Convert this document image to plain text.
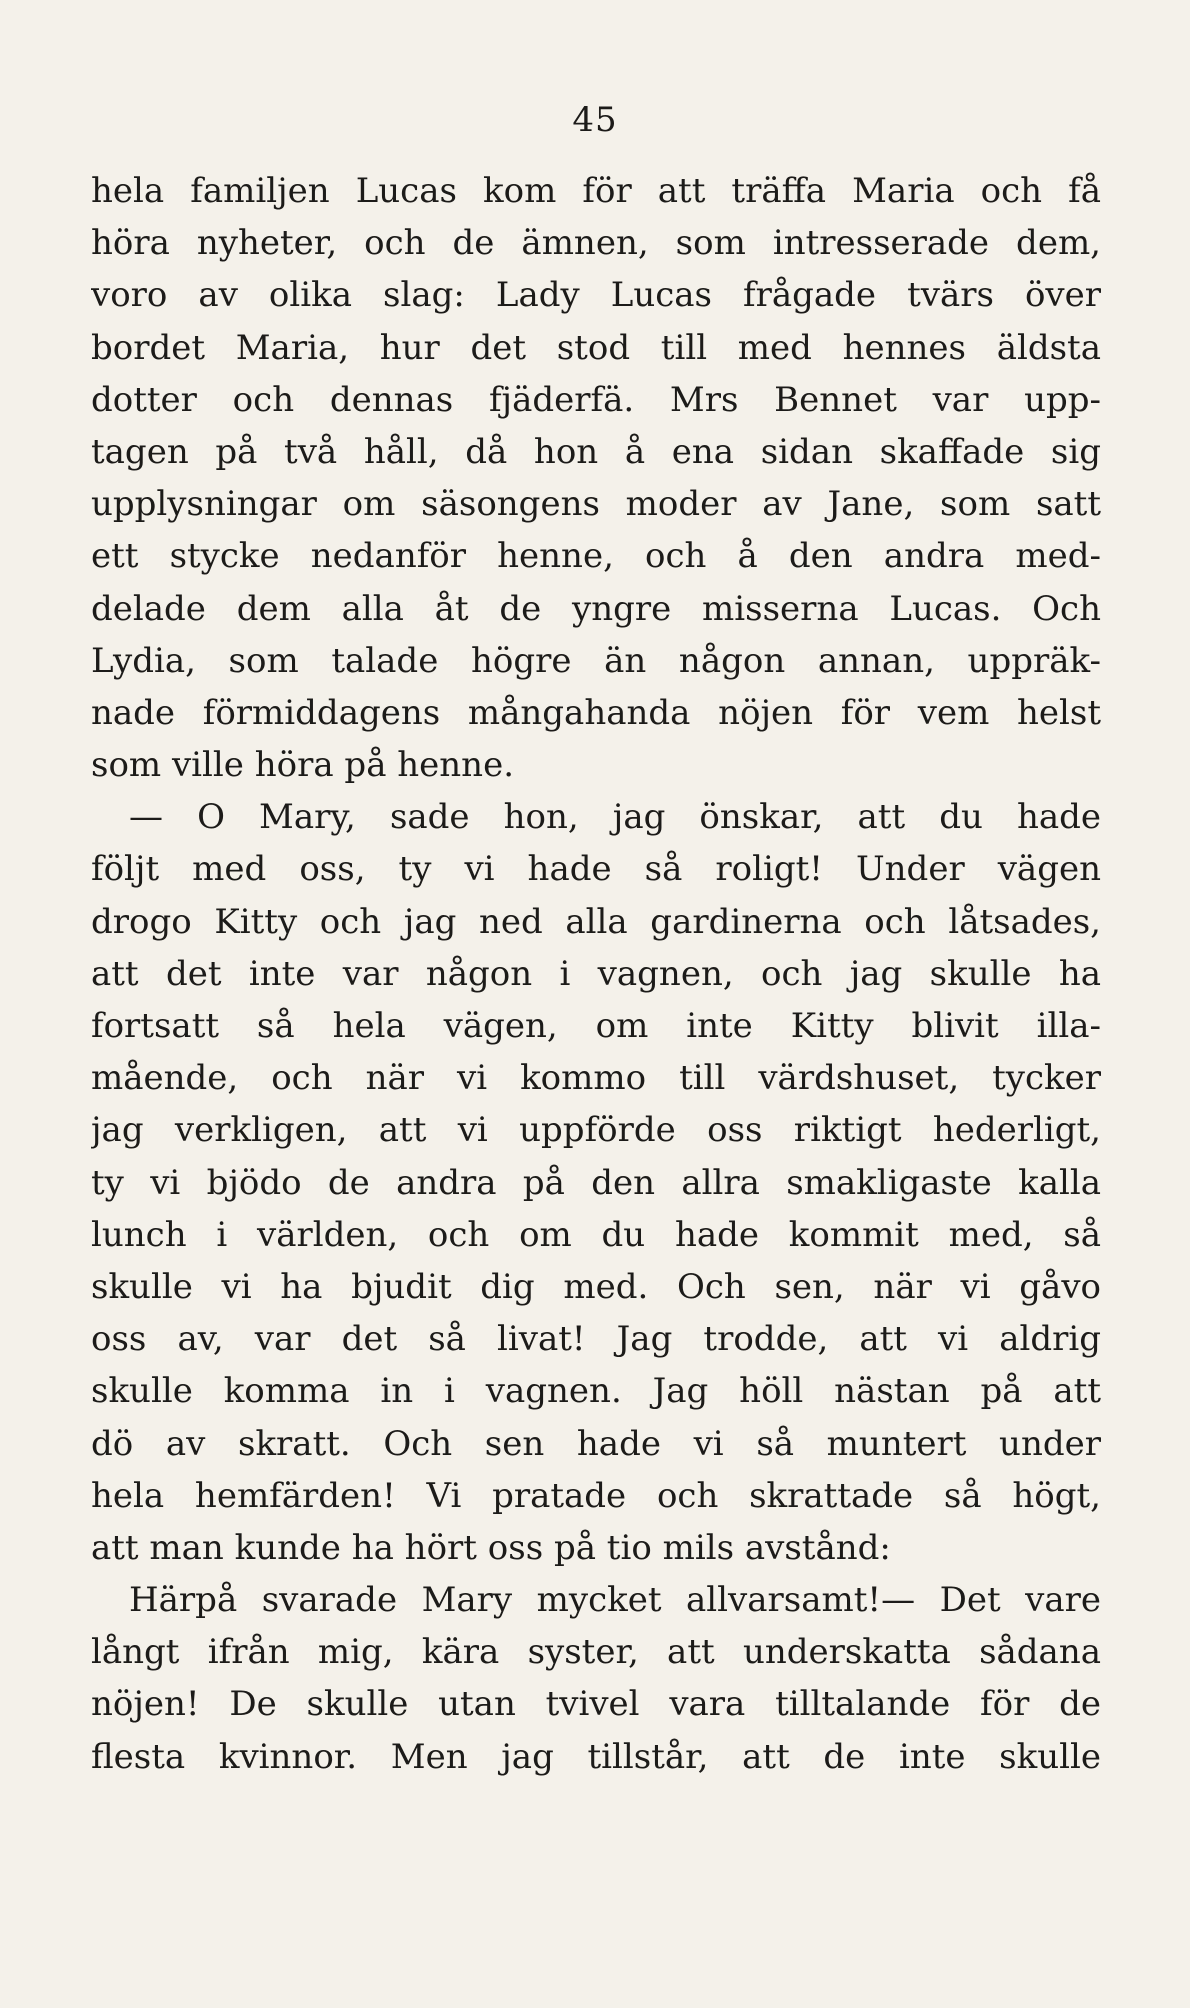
45
hela familjen Lucas kom för att träffa Maria och få
höra nyheter, och de ämnen, som intresserade dem,
voro av olika slag: Lady Lucas frågade tvärs över
bordet Maria, hur det stod till med hennes äldsta
dotter och dennas fjäderfä. Mrs Bennet var upp-
tagen på två håll, då hon å ena sidan skaffade sig
upplysningar om säsongens moder av Jane, som satt
ett stycke nedanför henne, och å den andra med-
delade dem alla åt de yngre misserna Lucas. Och
Lydia, som talade högre än någon annan, uppräk-
nade förmiddagens mångahanda nöjen för vem helst
som ville höra på henne.
— O Mary, sade hon, jag önskar, att du hade
följt med oss, ty vi hade så roligt! Under vägen
drogo Kitty och jag ned alla gardinerna och låtsades,
att det inte var någon i vagnen, och jag skulle ha
fortsatt så hela vägen, om inte Kitty blivit illa-
mående, och när vi kommo till värdshuset, tycker
jag verkligen, att vi uppförde oss riktigt hederligt,
ty vi bjödo de andra på den allra smakligaste kalla
lunch i världen, och om du hade kommit med, så
skulle vi ha bjudit dig med. Och sen, när vi gåvo
oss av, var det så livat! Jag trodde, att vi aldrig
skulle komma in i vagnen. Jag höll nästan på att
dö av skratt. Och sen hade vi så muntert under
hela hemfärden! Vi pratade och skrattade så högt,
att man kunde ha hört oss på tio mils avstånd:
Härpå svarade Mary mycket allvarsamt!— Det vare
långt ifrån mig, kära syster, att underskatta sådana
nöjen! De skulle utan tvivel vara tilltalande för de
flesta kvinnor. Men jag tillstår, att de inte skulle
